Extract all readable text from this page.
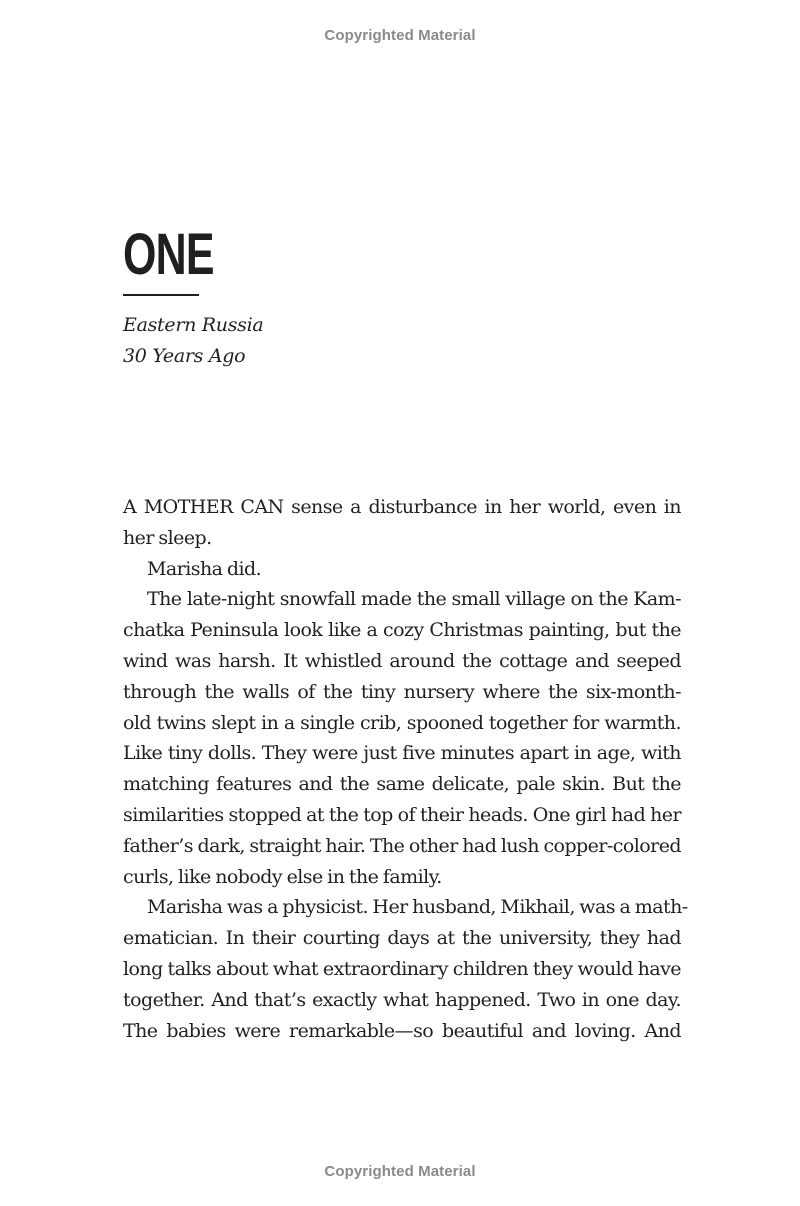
Copyrighted Material
ONE
Eastern Russia
30 Years Ago
A MOTHER CAN sense a disturbance in her world, even in
her sleep.
Marisha did.
The late-night snowfall made the small village on the Kam-
chatka Peninsula look like a cozy Christmas painting, but the
wind was harsh. It whistled around the cottage and seeped
through the walls of the tiny nursery where the six-month-
old twins slept in a single crib, spooned together for warmth.
Like tiny dolls. They were just five minutes apart in age, with
matching features and the same delicate, pale skin. But the
similarities stopped at the top of their heads. One girl had her
father’s dark, straight hair. The other had lush copper-colored
curls, like nobody else in the family.
Marisha was a physicist. Her husband, Mikhail, was a math-
ematician. In their courting days at the university, they had
long talks about what extraordinary children they would have
together. And that’s exactly what happened. Two in one day.
The babies were remarkable—so beautiful and loving. And
Copyrighted Material
